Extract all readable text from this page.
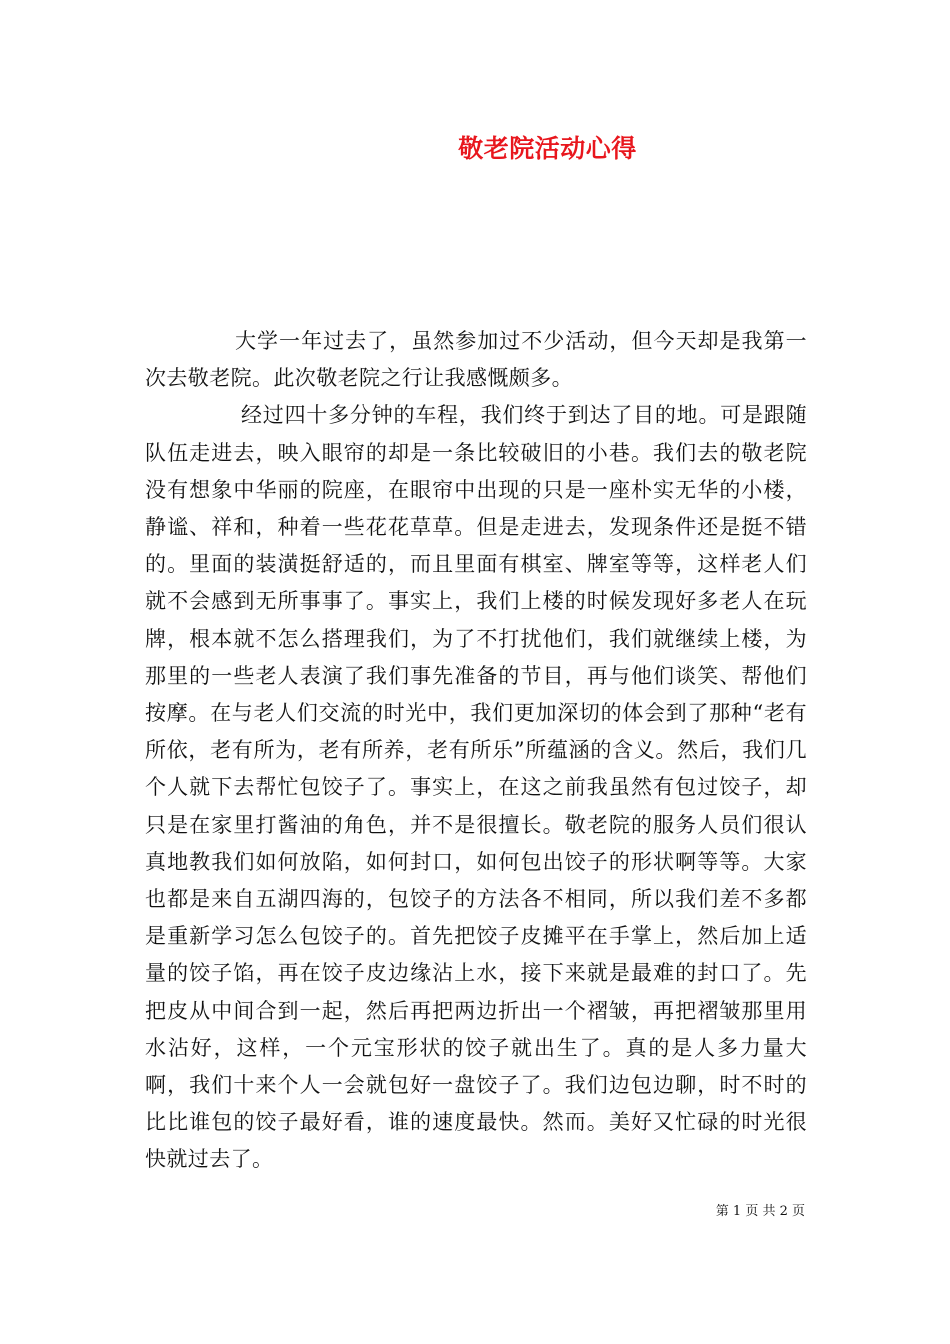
敬老院活动心得

大学一年过去了，虽然参加过不少活动，但今天却是我第一次去敬老院。此次敬老院之行让我感慨颇多。

经过四十多分钟的车程，我们终于到达了目的地。可是跟随队伍走进去，映入眼帘的却是一条比较破旧的小巷。我们去的敬老院没有想象中华丽的院座，在眼帘中出现的只是一座朴实无华的小楼，静谧、祥和，种着一些花花草草。但是走进去，发现条件还是挺不错的。里面的装潢挺舒适的，而且里面有棋室、牌室等等，这样老人们就不会感到无所事事了。事实上，我们上楼的时候发现好多老人在玩牌，根本就不怎么搭理我们，为了不打扰他们，我们就继续上楼，为那里的一些老人表演了我们事先准备的节目，再与他们谈笑、帮他们按摩。在与老人们交流的时光中，我们更加深切的体会到了那种“老有所依，老有所为，老有所养，老有所乐”所蕴涵的含义。然后，我们几个人就下去帮忙包饺子了。事实上，在这之前我虽然有包过饺子，却只是在家里打酱油的角色，并不是很擅长。敬老院的服务人员们很认真地教我们如何放陷，如何封口，如何包出饺子的形状啊等等。大家也都是来自五湖四海的，包饺子的方法各不相同，所以我们差不多都是重新学习怎么包饺子的。首先把饺子皮摊平在手掌上，然后加上适量的饺子馅，再在饺子皮边缘沾上水，接下来就是最难的封口了。先把皮从中间合到一起，然后再把两边折出一个褶皱，再把褶皱那里用水沾好，这样，一个元宝形状的饺子就出生了。真的是人多力量大啊，我们十来个人一会就包好一盘饺子了。我们边包边聊，时不时的比比谁包的饺子最好看，谁的速度最快。然而。美好又忙碌的时光很快就过去了。

第 1 页 共 2 页
